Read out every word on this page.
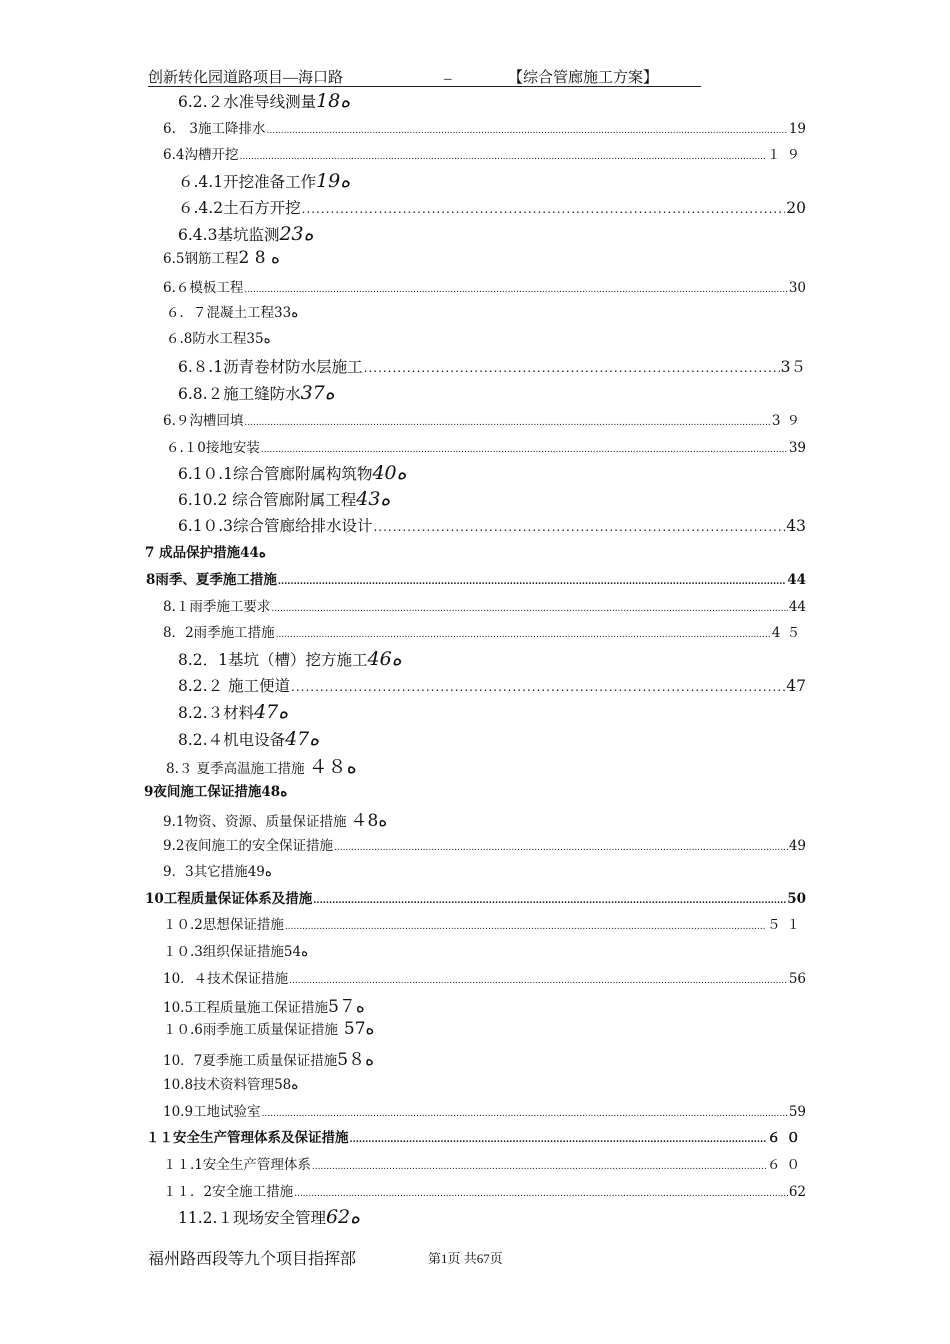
创新转化园道路项目—海口路	_	【综合管廊施工方案】
6.2.２水准导线测量 18ه
6.　3施工降排水 .....	19
6.4沟槽开挖 .....	１９
６.4.1开挖准备工作 19ه
６.4.2土石方开挖 .....	20
6.4.3基坑监测 23ه
6.5钢筋工程 2 8 ه
6.６模板工程 .....	30
６．７混凝土工程 33ه
６.8防水工程 35ه
6.８.1沥青卷材防水层施工 .....	3５
6.8.２施工缝防水 37ه
6.９沟槽回填 .....	3９
６.１0接地安装 .....	39
6.1０.1综合管廊附属构筑物 40ه
6.10.2 综合管廊附属工程 43ه
6.1０.3综合管廊给排水设计 .....	43
7 成品保护措施 44ه
8雨季、夏季施工措施 .....	44
8.１雨季施工要求 .....	44
8．2雨季施工措施 .....	4５
8.2．1基坑（槽）挖方施工 46ه
8.2.２ 施工便道 .....	47
8.2.３材料 47ه
8.2.４机电设备 47ه
8.３ 夏季高温施工措施 ４８ه
9夜间施工保证措施 48ه
9.1物资、资源、质量保证措施 ４8ه
9.2夜间施工的安全保证措施 .....	49
9．3其它措施 49ه
10工程质量保证体系及措施 .....	50
１０.2思想保证措施 .....	５１
１０.3组织保证措施 54ه
10．４技术保证措施 .....	56
10.5工程质量施工保证措施 5７ه
１０.6雨季施工质量保证措施 57ه
10．7夏季施工质量保证措施 5８ه
10.8技术资料管理 58ه
10.9工地试验室 .....	59
１１安全生产管理体系及保证措施 .....	６０
１１.1安全生产管理体系 .....	６０
１１．2安全施工措施 .....	62
11.2.１现场安全管理 62ه
福州路西段等九个项目指挥部	第1页 共67页
